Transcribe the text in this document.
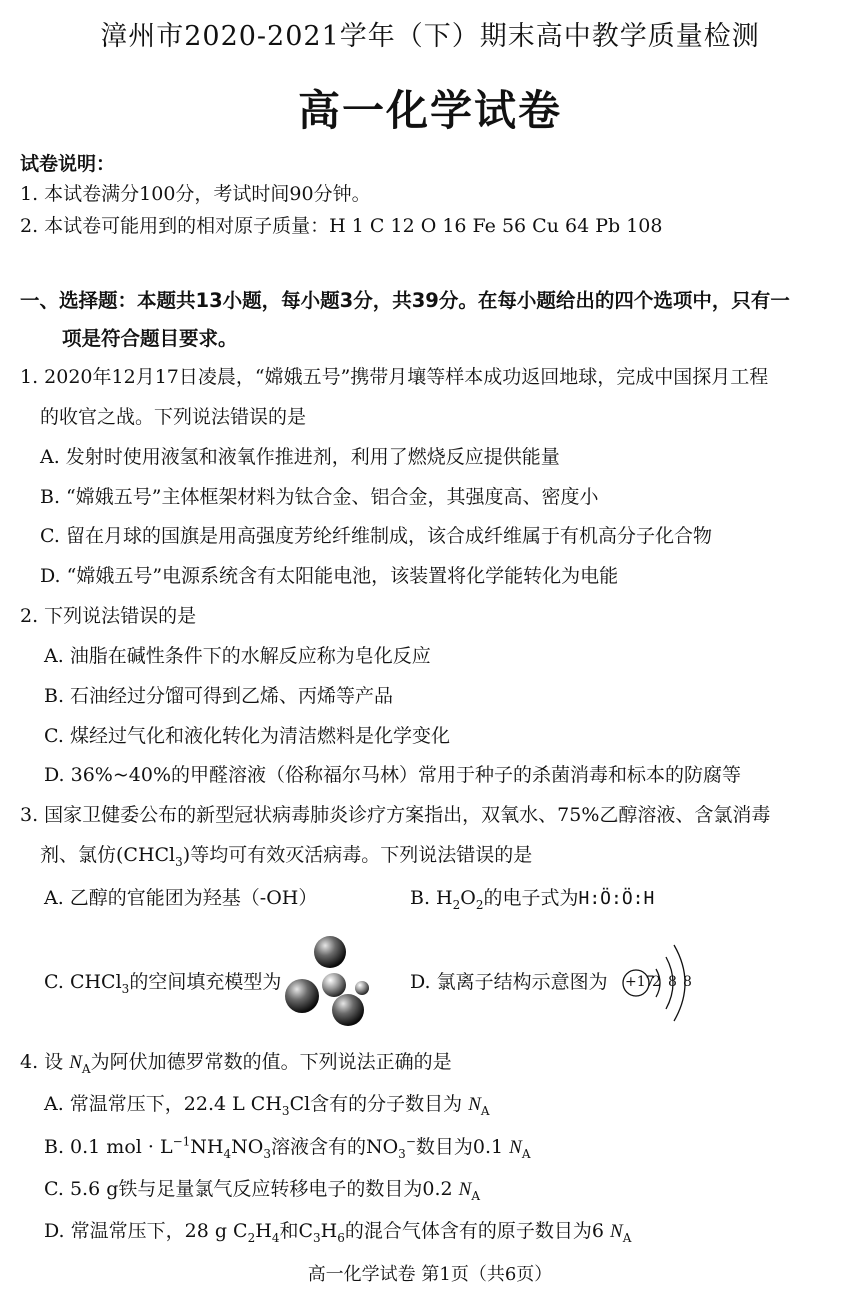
漳州市2020-2021学年（下）期末高中教学质量检测
高一化学试卷
试卷说明：
1. 本试卷满分100分，考试时间90分钟。
2. 本试卷可能用到的相对原子质量：H 1 C 12 O 16 Fe 56 Cu 64 Pb 108
一、选择题：本题共13小题，每小题3分，共39分。在每小题给出的四个选项中，只有一
项是符合题目要求。
1. 2020年12月17日凌晨，“嫦娥五号”携带月壤等样本成功返回地球，完成中国探月工程
的收官之战。下列说法错误的是
A. 发射时使用液氢和液氧作推进剂，利用了燃烧反应提供能量
B. “嫦娥五号”主体框架材料为钛合金、铝合金，其强度高、密度小
C. 留在月球的国旗是用高强度芳纶纤维制成，该合成纤维属于有机高分子化合物
D. “嫦娥五号”电源系统含有太阳能电池，该装置将化学能转化为电能
2. 下列说法错误的是
A. 油脂在碱性条件下的水解反应称为皂化反应
B. 石油经过分馏可得到乙烯、丙烯等产品
C. 煤经过气化和液化转化为清洁燃料是化学变化
D. 36%~40%的甲醛溶液（俗称福尔马林）常用于种子的杀菌消毒和标本的防腐等
3. 国家卫健委公布的新型冠状病毒肺炎诊疗方案指出，双氧水、75%乙醇溶液、含氯消毒
剂、氯仿(CHCl$_3$)等均可有效灭活病毒。下列说法错误的是
A. 乙醇的官能团为羟基（-OH）	B. $H_2O_2$的电子式为H:Ö:Ö:H
C. CHCl$_3$的空间填充模型为	D. 氯离子结构示意图为 +17
2 8 8
4. 设 $N_A$为阿伏加德罗常数的值。下列说法正确的是
A. 常温常压下，22.4 L $CH_3Cl$含有的分子数目为 $N_A$
B. 0.1 mol · $L^{-1}NH_4NO_3$溶液含有的$NO_3^-$数目为0.1 $N_A$
C. 5.6 g铁与足量氯气反应转移电子的数目为0.2 $N_A$
D. 常温常压下，28 g $C_2H_4$和$C_3H_6$的混合气体含有的原子数目为6 $N_A$
高一化学试卷 第1页（共6页）
